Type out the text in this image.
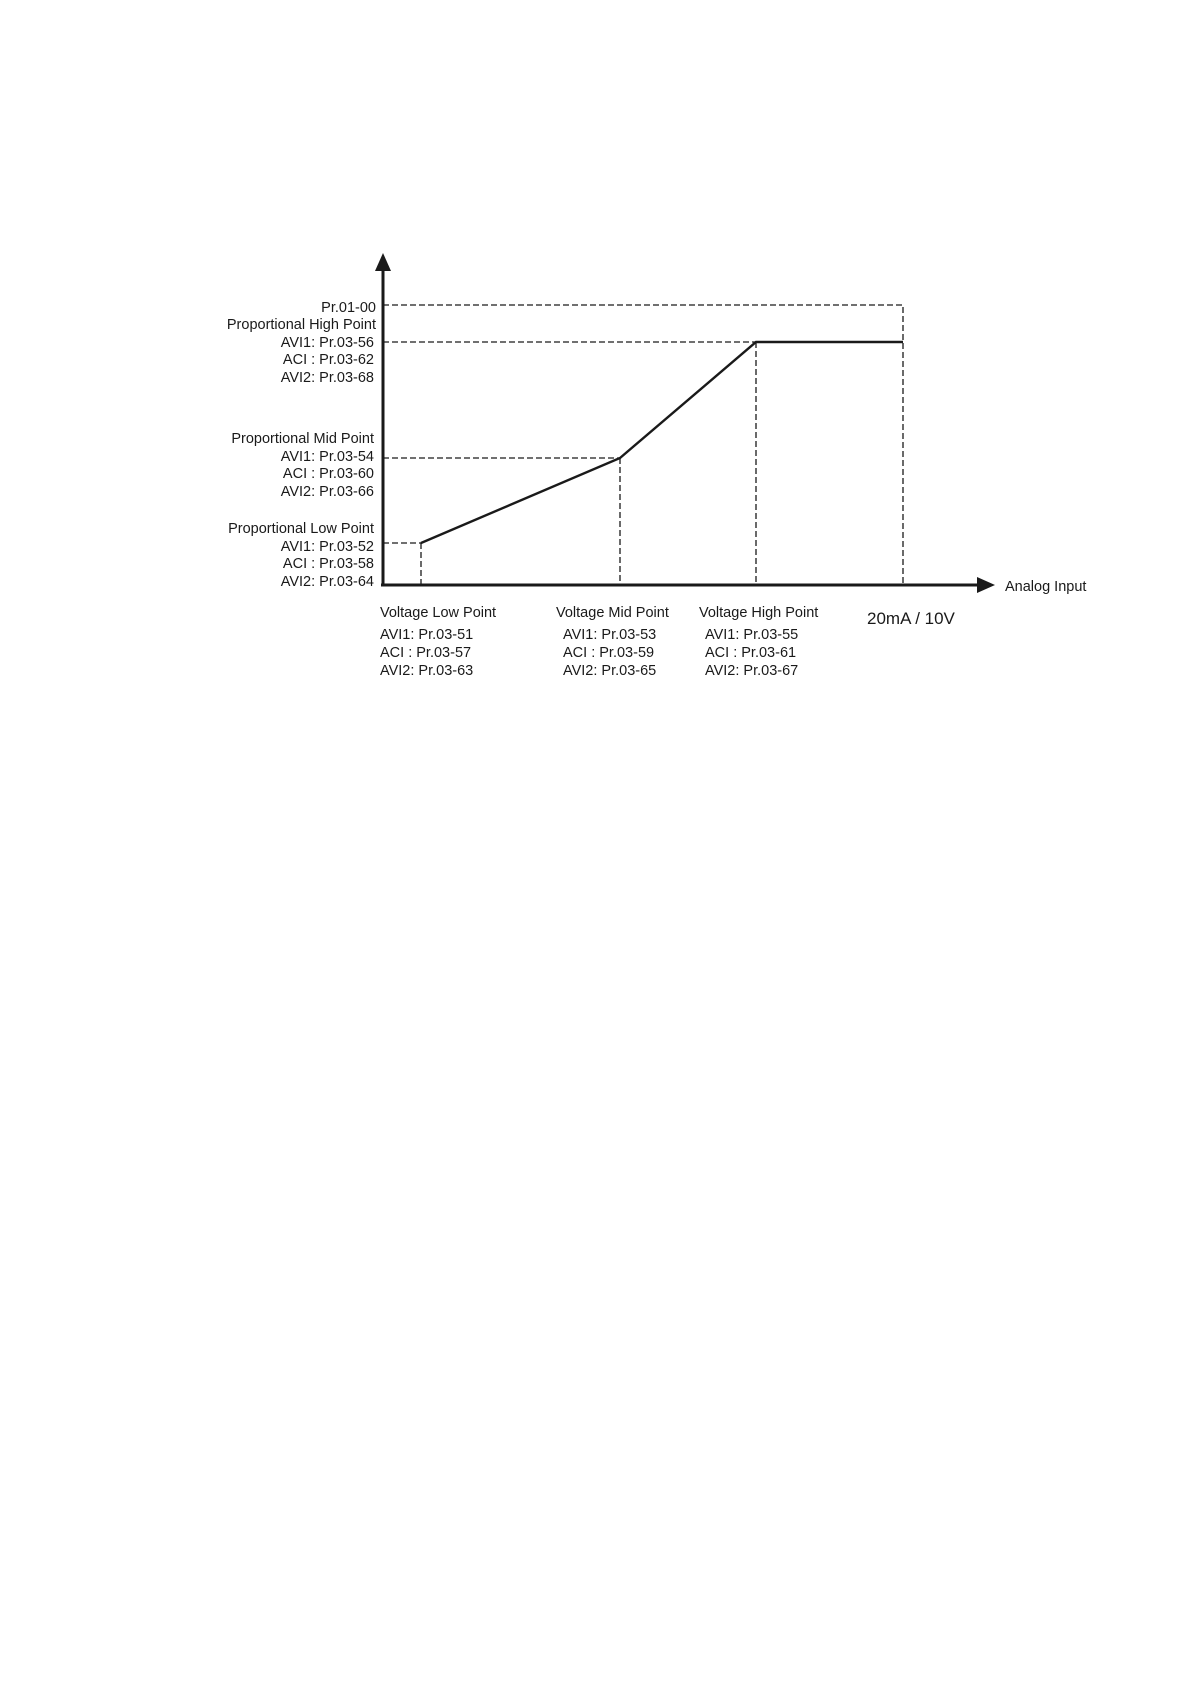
Pr.01-00
Proportional High Point
AVI1: Pr.03-56
ACI : Pr.03-62
AVI2: Pr.03-68
Proportional Mid Point
AVI1: Pr.03-54
ACI : Pr.03-60
AVI2: Pr.03-66
Proportional Low Point
AVI1: Pr.03-52
ACI : Pr.03-58
AVI2: Pr.03-64	Analog Input
20mA / 10V
Voltage Low Point
AVI1: Pr.03-51
ACI : Pr.03-57
AVI2: Pr.03-63
Voltage Mid Point
AVI1: Pr.03-53
ACI : Pr.03-59
AVI2: Pr.03-65
Voltage High Point
AVI1: Pr.03-55
ACI : Pr.03-61
AVI2: Pr.03-67
